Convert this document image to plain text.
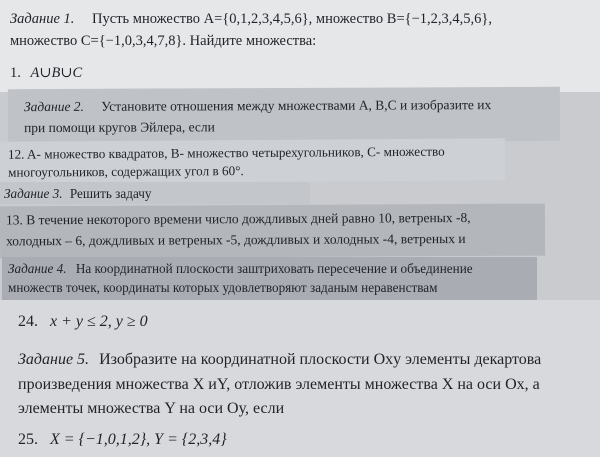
Задание 1. Пусть множество A={0,1,2,3,4,5,6}, множество B={−1,2,3,4,5,6},
множество C={−1,0,3,4,7,8}. Найдите множества:
1. A∪B∪C
Задание 2. Установите отношения между множествами A, B,C и изобразите их
при помощи кругов Эйлера, если
12. A- множество квадратов, B- множество четырехугольников, C- множество
многоугольников, содержащих угол в 60°.
Задание 3. Решить задачу
13. В течение некоторого времени число дождливых дней равно 10, ветреных -8,
холодных – 6, дождливых и ветреных -5, дождливых и холодных -4, ветреных и
Задание 4. На координатной плоскости заштриховать пересечение и объединение
множеств точек, координаты которых удовлетворяют заданым неравенствам
24. x + y ≤ 2, y ≥ 0
Задание 5. Изобразите на координатной плоскости Oxy элементы декартова
произведения множества X иY, отложив элементы множества X на оси Ох, а
элементы множества Y на оси Оу, если
25. X = {−1,0,1,2}, Y = {2,3,4}
